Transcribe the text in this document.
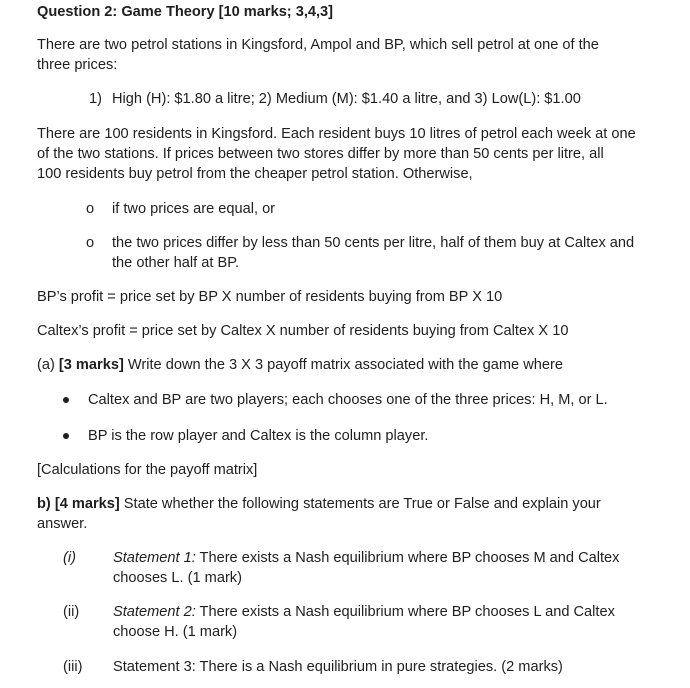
Question 2: Game Theory [10 marks; 3,4,3]
There are two petrol stations in Kingsford, Ampol and BP, which sell petrol at one of the
three prices:
1) High (H): $1.80 a litre; 2) Medium (M): $1.40 a litre, and 3) Low(L): $1.00
There are 100 residents in Kingsford. Each resident buys 10 litres of petrol each week at one
of the two stations. If prices between two stores differ by more than 50 cents per litre, all
100 residents buy petrol from the cheaper petrol station. Otherwise,
o if two prices are equal, or
o the two prices differ by less than 50 cents per litre, half of them buy at Caltex and
the other half at BP.
BP’s profit = price set by BP X number of residents buying from BP X 10
Caltex’s profit = price set by Caltex X number of residents buying from Caltex X 10
(a) [3 marks] Write down the 3 X 3 payoff matrix associated with the game where
Caltex and BP are two players; each chooses one of the three prices: H, M, or L.
BP is the row player and Caltex is the column player.
[Calculations for the payoff matrix]
b) [4 marks] State whether the following statements are True or False and explain your
answer.
(i)	Statement 1: There exists a Nash equilibrium where BP chooses M and Caltex
chooses L. (1 mark)
(ii) Statement 2: There exists a Nash equilibrium where BP chooses L and Caltex
choose H. (1 mark)
(iii) Statement 3: There is a Nash equilibrium in pure strategies. (2 marks)
